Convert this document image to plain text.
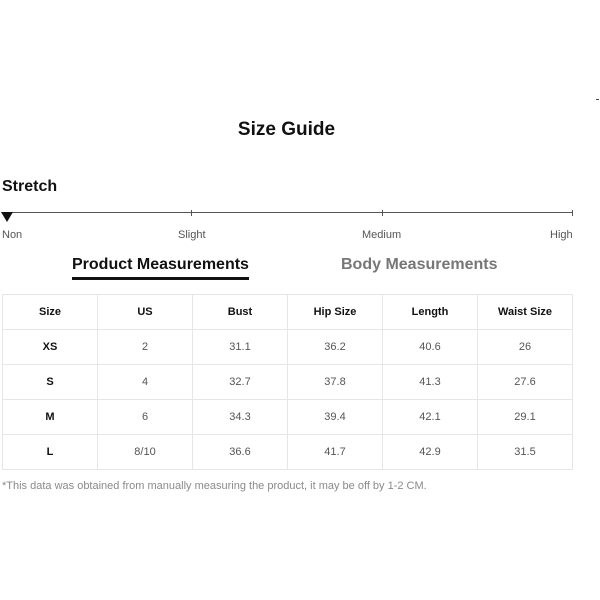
Size Guide
Stretch
Non	Slight	Medium	High
Product Measurements	Body Measurements
Size	US	Bust	Hip Size	Length	Waist Size
XS	2	31.1	36.2	40.6	26
S	4	32.7	37.8	41.3	27.6
M	6	34.3	39.4	42.1	29.1
L	8/10	36.6	41.7	42.9	31.5
*This data was obtained from manually measuring the product, it may be off by 1-2 CM.
